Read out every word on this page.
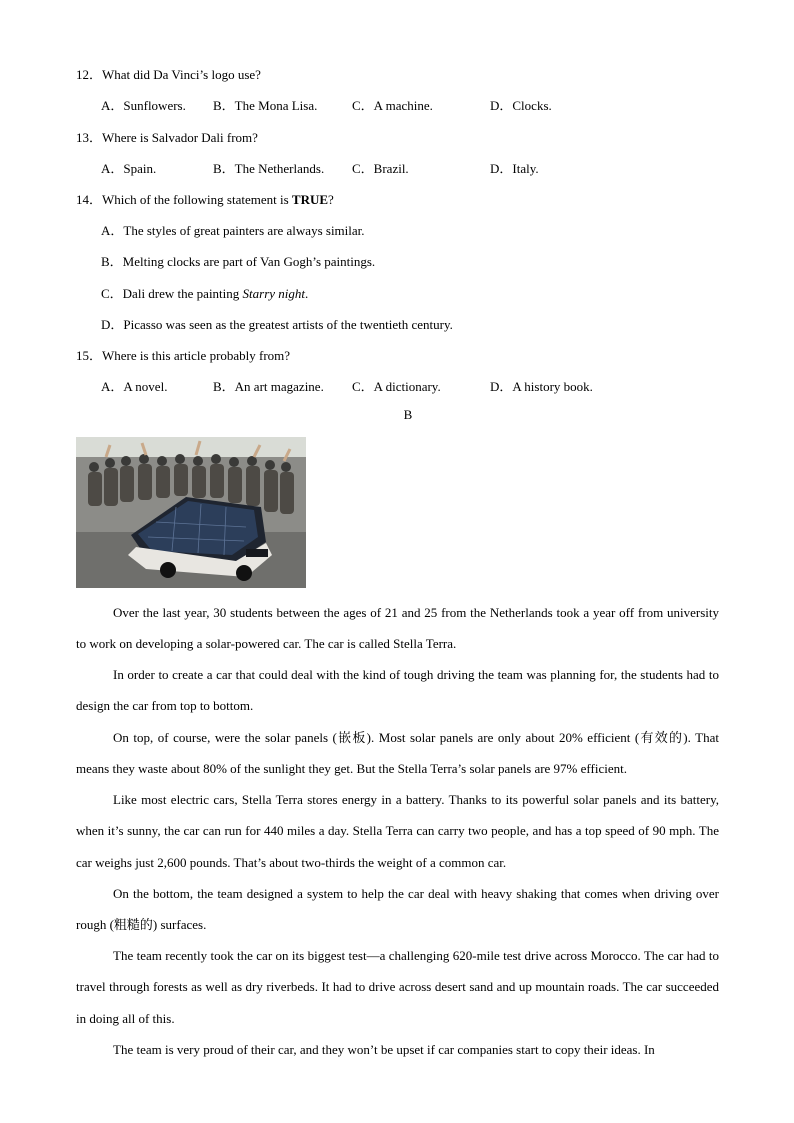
12．What did Da Vinci’s logo use?
A．Sunflowers. B．The Mona Lisa.	C．A machine.	D．Clocks.
13．Where is Salvador Dali from?
A．Spain.	B．The Netherlands. C．Brazil.	D．Italy.
14．Which of the following statement is TRUE?
A．The styles of great painters are always similar.
B．Melting clocks are part of Van Gogh’s paintings.
C．Dali drew the painting Starry night.
D．Picasso was seen as the greatest artists of the twentieth century.
15．Where is this article probably from?
A．A novel.	B．An art magazine. C．A dictionary.	D．A history book.
B
Over the last year, 30 students between the ages of 21 and 25 from the Netherlands took a year off from university to work on developing a solar-powered car. The car is called Stella Terra.
In order to create a car that could deal with the kind of tough driving the team was planning for, the students had to design the car from top to bottom.
On top, of course, were the solar panels (嵌板). Most solar panels are only about 20% efficient (有效的). That means they waste about 80% of the sunlight they get. But the Stella Terra’s solar panels are 97% efficient.
Like most electric cars, Stella Terra stores energy in a battery. Thanks to its powerful solar panels and its battery, when it’s sunny, the car can run for 440 miles a day. Stella Terra can carry two people, and has a top speed of 90 mph. The car weighs just 2,600 pounds. That’s about two-thirds the weight of a common car.
On the bottom, the team designed a system to help the car deal with heavy shaking that comes when driving over rough (粗糙的) surfaces.
The team recently took the car on its biggest test—a challenging 620-mile test drive across Morocco. The car had to travel through forests as well as dry riverbeds. It had to drive across desert sand and up mountain roads. The car succeeded in doing all of this.
The team is very proud of their car, and they won’t be upset if car companies start to copy their ideas. In
